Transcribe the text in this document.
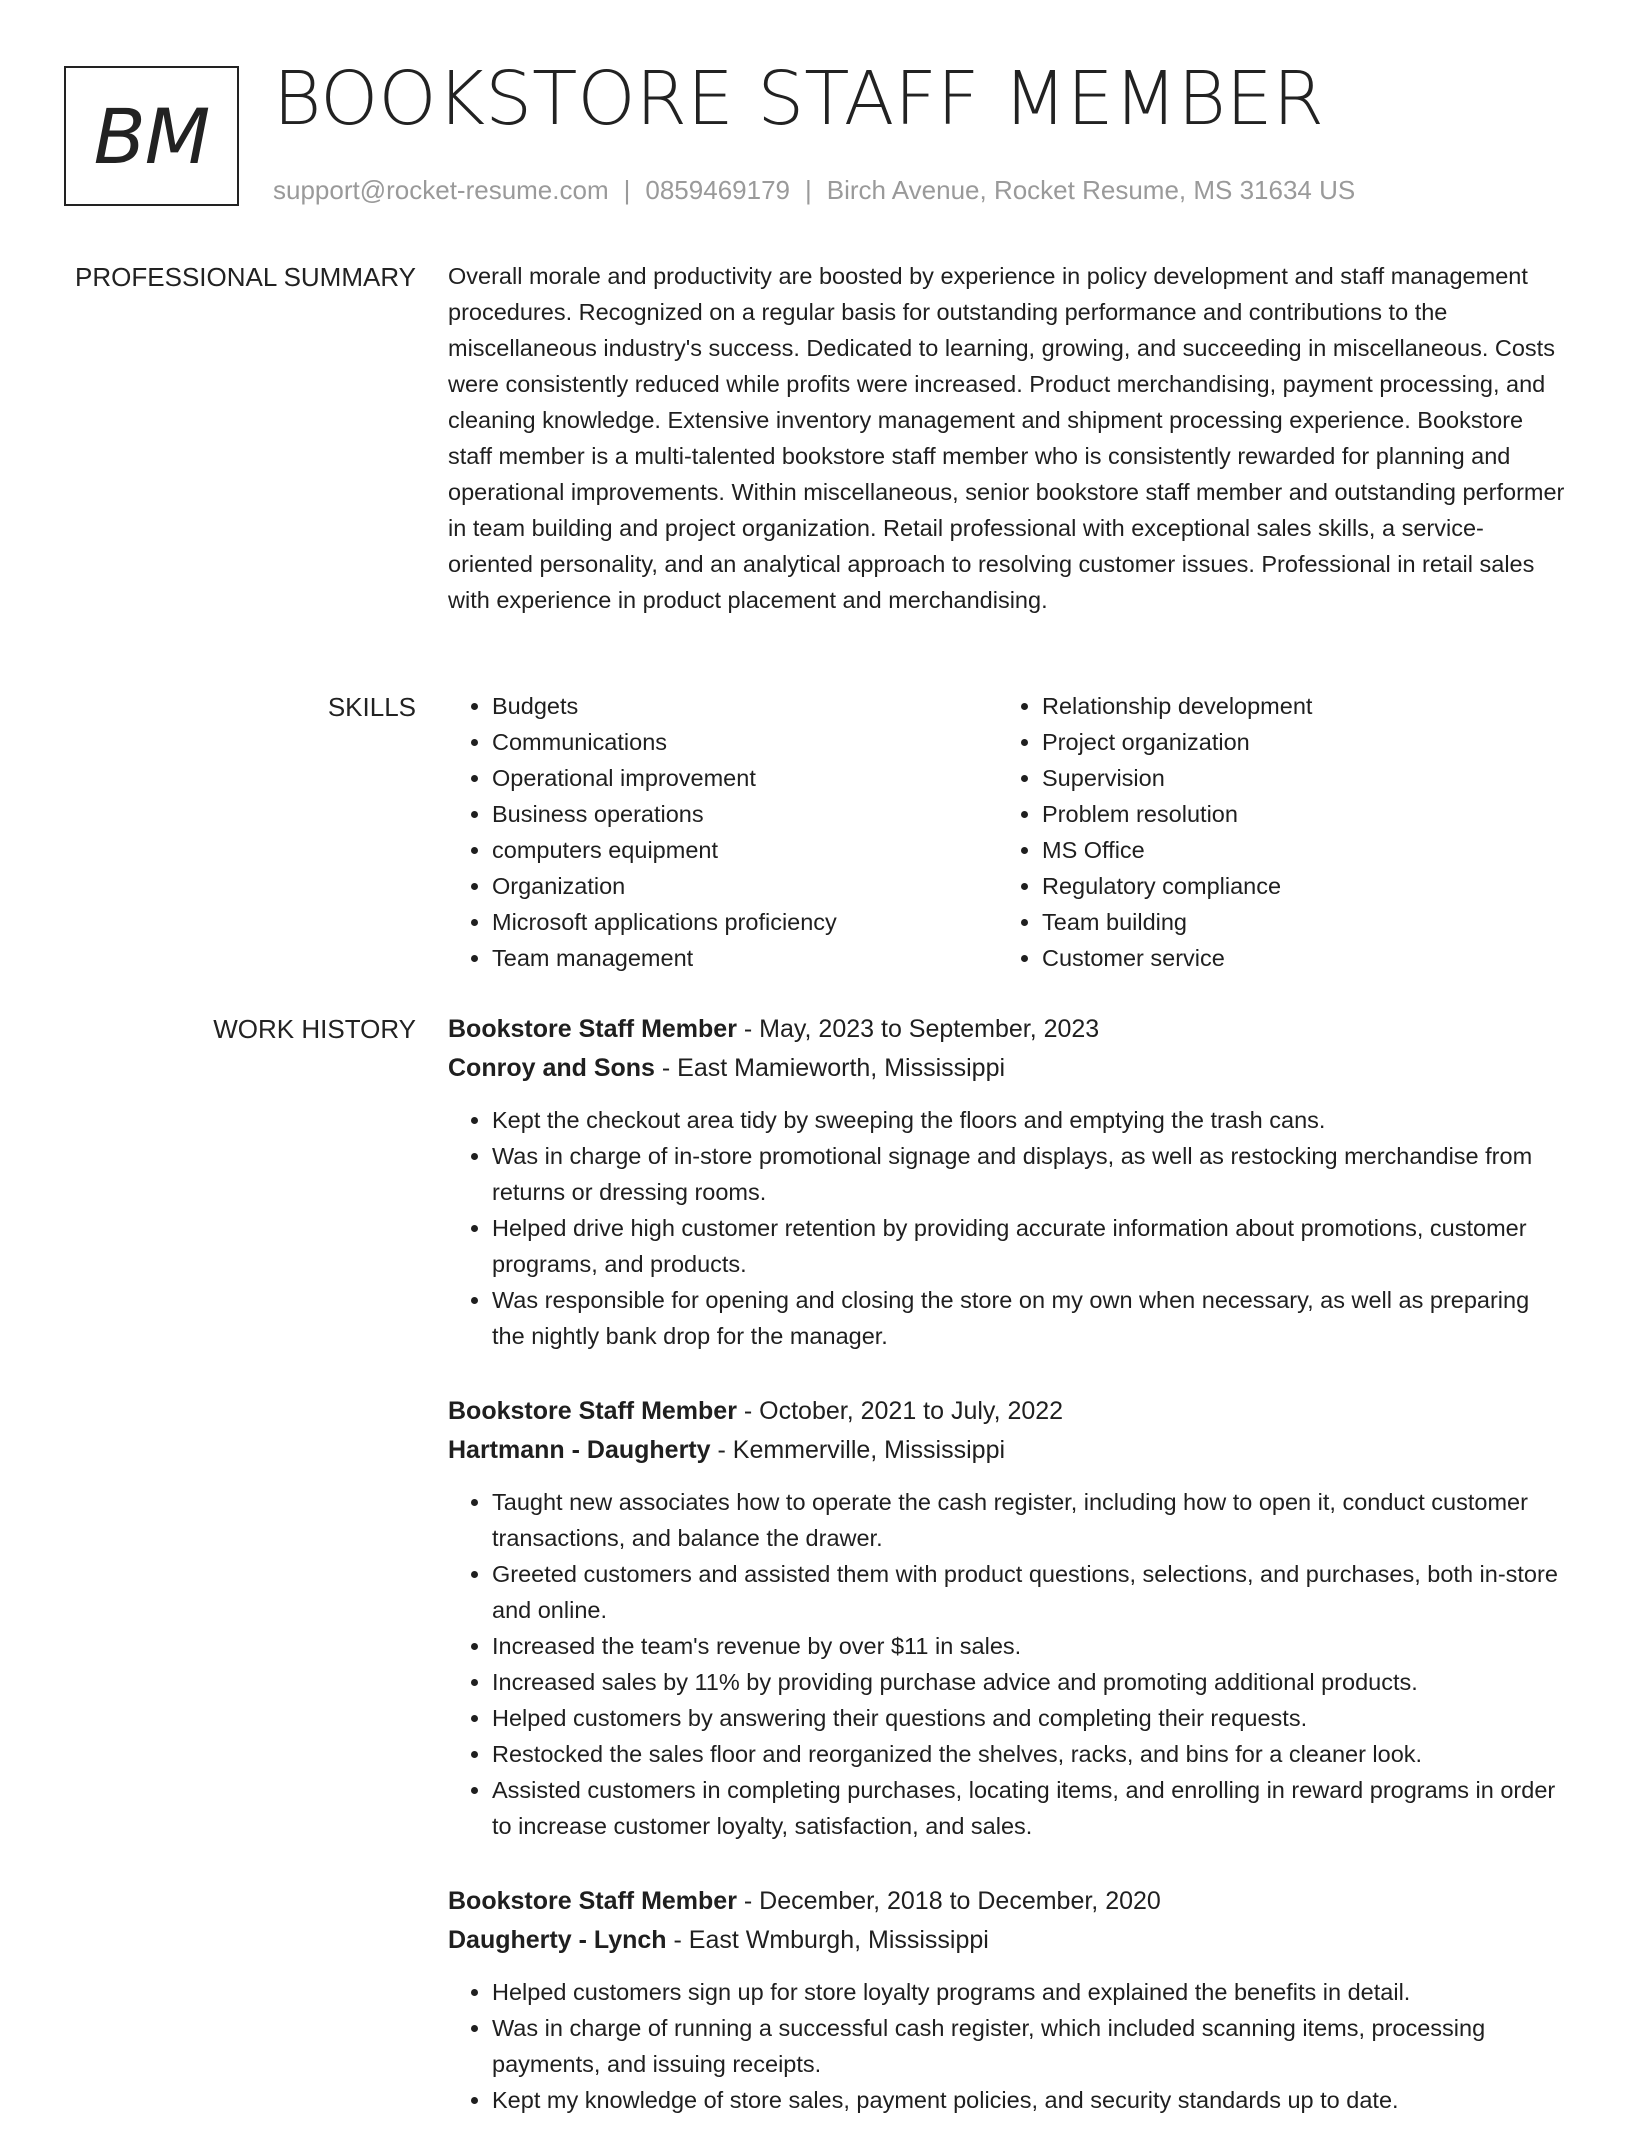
BM BOOKSTORE STAFF MEMBER
support@rocket-resume.com | 0859469179 | Birch Avenue, Rocket Resume, MS 31634 US
PROFESSIONAL SUMMARY Overall morale and productivity are boosted by experience in policy development and staff management procedures. Recognized on a regular basis for outstanding performance and contributions to the miscellaneous industry's success. Dedicated to learning, growing, and succeeding in miscellaneous. Costs were consistently reduced while profits were increased. Product merchandising, payment processing, and cleaning knowledge. Extensive inventory management and shipment processing experience. Bookstore staff member is a multi-talented bookstore staff member who is consistently rewarded for planning and operational improvements. Within miscellaneous, senior bookstore staff member and outstanding performer in team building and project organization. Retail professional with exceptional sales skills, a service-oriented personality, and an analytical approach to resolving customer issues. Professional in retail sales with experience in product placement and merchandising.

SKILLS
•	Budgets
• Communications
• Operational improvement
• Business operations
• computers equipment
• Organization
• Microsoft applications proficiency
• Team management
• Relationship development
• Project organization
• Supervision
• Problem resolution
• MS Office
• Regulatory compliance
• Team building
• Customer service
WORK HISTORY Bookstore Staff Member - May, 2023 to September, 2023
Conroy and Sons - East Mamieworth, Mississippi
• Kept the checkout area tidy by sweeping the floors and emptying the trash cans.
• Was in charge of in-store promotional signage and displays, as well as restocking merchandise from returns or dressing rooms.
• Helped drive high customer retention by providing accurate information about promotions, customer programs, and products.
• Was responsible for opening and closing the store on my own when necessary, as well as preparing the nightly bank drop for the manager.
Bookstore Staff Member - October, 2021 to July, 2022
Hartmann - Daugherty - Kemmerville, Mississippi
• Taught new associates how to operate the cash register, including how to open it, conduct customer transactions, and balance the drawer.
• Greeted customers and assisted them with product questions, selections, and purchases, both in-store and online.
• Increased the team's revenue by over $11 in sales.
• Increased sales by 11% by providing purchase advice and promoting additional products.
• Helped customers by answering their questions and completing their requests.
• Restocked the sales floor and reorganized the shelves, racks, and bins for a cleaner look.
• Assisted customers in completing purchases, locating items, and enrolling in reward programs in order to increase customer loyalty, satisfaction, and sales.
Bookstore Staff Member - December, 2018 to December, 2020
Daugherty - Lynch - East Wmburgh, Mississippi
• Helped customers sign up for store loyalty programs and explained the benefits in detail.
• Was in charge of running a successful cash register, which included scanning items, processing payments, and issuing receipts.
• Kept my knowledge of store sales, payment policies, and security standards up to date.
